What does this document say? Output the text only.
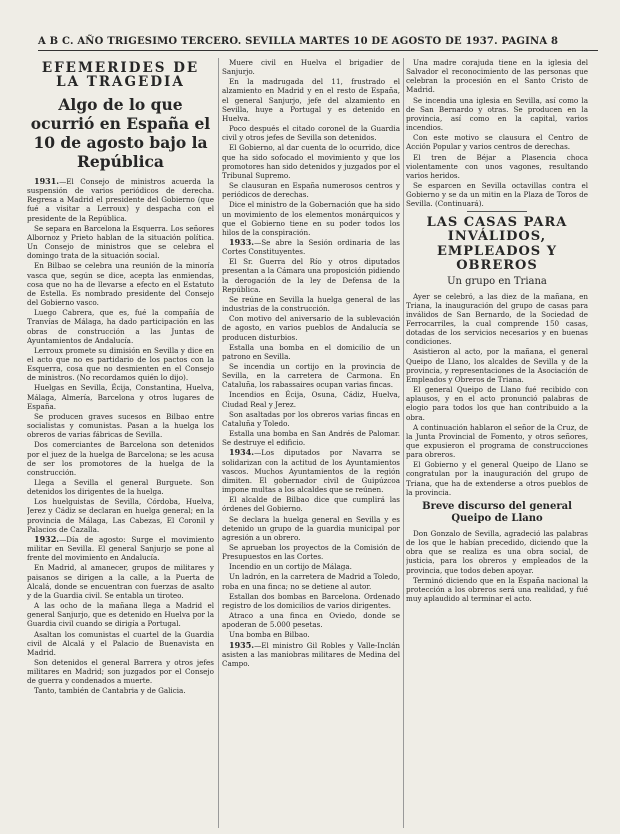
A B C. AÑO TRIGESIMO TERCERO. SEVILLA MARTES 10 DE AGOSTO DE 1937. PAGINA 8
EFEMERIDES DE
LA TRAGEDIA
Algo de lo que ocurrió en España el 10 de agosto bajo la República

1931.—El Consejo de ministros acuerda la suspensión de varios periódicos de derecha. Regresa a Madrid el presidente del Gobierno (que fué a visitar a Lerroux) y despacha con el presidente de la República.

Se separa en Barcelona la Esquerra. Los señores Albornoz y Prieto hablan de la situación política. Un Consejo de ministros que se celebra el domingo trata de la situación social.

En Bilbao se celebra una reunión de la minoría vasca que, según se dice, acepta las enmiendas, cosa que no ha de llevarse a efecto en el Estatuto de Estella. Es nombrado presidente del Consejo del Gobierno vasco.

Luego Cabrera, que es, fué la compañía de Tranvías de Málaga, ha dado participación en las obras de construcción a las Juntas de Ayuntamientos de Andalucía.

Lerroux promete su dimisión en Sevilla y dice en el acto que no es partidario de los pactos con la Esquerra, cosa que no desmienten en el Consejo de ministros. (No recordamos quién lo dijo).

Huelgas en Sevilla, Écija, Constantina, Huelva, Málaga, Almería, Barcelona y otros lugares de España.

Se producen graves sucesos en Bilbao entre socialistas y comunistas. Pasan a la huelga los obreros de varias fábricas de Sevilla.

Dos comerciantes de Barcelona son detenidos por el juez de la huelga de Barcelona; se les acusa de ser los promotores de la huelga de la construcción.

Llega a Sevilla el general Burguete. Son detenidos los dirigentes de la huelga.

Los huelguistas de Sevilla, Córdoba, Huelva, Jerez y Cádiz se declaran en huelga general; en la provincia de Málaga, Las Cabezas, El Coronil y Palacios de Cazalla.

1932.—Día de agosto: Surge el movimiento militar en Sevilla. El general Sanjurjo se pone al frente del movimiento en Andalucía.

En Madrid, al amanecer, grupos de militares y paisanos se dirigen a la calle, a la Puerta de Alcalá, donde se encuentran con fuerzas de asalto y de la Guardia civil. Se entabla un tiroteo.

A las ocho de la mañana llega a Madrid el general Sanjurjo, que es detenido en Huelva por la Guardia civil cuando se dirigía a Portugal.

Asaltan los comunistas el cuartel de la Guardia civil de Alcalá y el Palacio de Buenavista en Madrid.

Son detenidos el general Barrera y otros jefes militares en Madrid; son juzgados por el Consejo de guerra y condenados a muerte.

Tanto, también de Cantabria y de Galicia.

Muere civil en Huelva el brigadier de Sanjurjo.

En la madrugada del 11, frustrado el alzamiento en Madrid y en el resto de España, el general Sanjurjo, jefe del alzamiento en Sevilla, huye a Portugal y es detenido en Huelva.

Poco después el citado coronel de la Guardia civil y otros jefes de Sevilla son detenidos.

El Gobierno, al dar cuenta de lo ocurrido, dice que ha sido sofocado el movimiento y que los promotores han sido detenidos y juzgados por el Tribunal Supremo.

Se clausuran en España numerosos centros y periódicos de derechas.

Dice el ministro de la Gobernación que ha sido un movimiento de los elementos monárquicos y que el Gobierno tiene en su poder todos los hilos de la conspiración.

1933.—Se abre la Sesión ordinaria de las Cortes Constituyentes.

El Sr. Guerra del Río y otros diputados presentan a la Cámara una proposición pidiendo la derogación de la ley de Defensa de la República.

Se reúne en Sevilla la huelga general de las industrias de la construcción.

Con motivo del aniversario de la sublevación de agosto, en varios pueblos de Andalucía se producen disturbios.

Estalla una bomba en el domicilio de un patrono en Sevilla.

Se incendia un cortijo en la provincia de Sevilla, en la carretera de Carmona. En Cataluña, los rabassaires ocupan varias fincas.

Incendios en Écija, Osuna, Cádiz, Huelva, Ciudad Real y Jerez.

Son asaltadas por los obreros varias fincas en Cataluña y Toledo.

Estalla una bomba en San Andrés de Palomar. Se destruye el edificio.

1934.—Los diputados por Navarra se solidarizan con la actitud de los Ayuntamientos vascos. Muchos Ayuntamientos de la región dimiten. El gobernador civil de Guipúzcoa impone multas a los alcaldes que se reúnen.

El alcalde de Bilbao dice que cumplirá las órdenes del Gobierno.

Se declara la huelga general en Sevilla y es detenido un grupo de la guardia municipal por agresión a un obrero.

Se aprueban los proyectos de la Comisión de Presupuestos en las Cortes.

Incendio en un cortijo de Málaga.

Un ladrón, en la carretera de Madrid a Toledo, roba en una finca; no se detiene al autor.

Estallan dos bombas en Barcelona. Ordenado registro de los domicilios de varios dirigentes.

Atraco a una finca en Oviedo, donde se apoderan de 5.000 pesetas.

Una bomba en Bilbao.

1935.—El ministro Gil Robles y Valle-Inclán asisten a las maniobras militares de Medina del Campo.

Una madre corajuda tiene en la iglesia del Salvador el reconocimiento de las personas que celebran la procesión en el Santo Cristo de Madrid.

Se incendia una iglesia en Sevilla, así como la de San Bernardo y otras. Se producen en la provincia, así como en la capital, varios incendios.

Con este motivo se clausura el Centro de Acción Popular y varios centros de derechas.

El tren de Béjar a Plasencia choca violentamente con unos vagones, resultando varios heridos.

Se esparcen en Sevilla octavillas contra el Gobierno y se da un mitin en la Plaza de Toros de Sevilla. (Continuará).

LAS CASAS PARA INVÁLIDOS, EMPLEADOS Y OBREROS
Un grupo en Triana

Ayer se celebró, a las diez de la mañana, en Triana, la inauguración del grupo de casas para inválidos de San Bernardo, de la Sociedad de Ferrocarriles, la cual comprende 150 casas, dotadas de los servicios necesarios y en buenas condiciones.

Asistieron al acto, por la mañana, el general Queipo de Llano, los alcaldes de Sevilla y de la provincia, y representaciones de la Asociación de Empleados y Obreros de Triana.

El general Queipo de Llano fué recibido con aplausos, y en el acto pronunció palabras de elogio para todos los que han contribuido a la obra.

A continuación hablaron el señor de la Cruz, de la Junta Provincial de Fomento, y otros señores, que expusieron el programa de construcciones para obreros.

El Gobierno y el general Queipo de Llano se congratulan por la inauguración del grupo de Triana, que ha de extenderse a otros pueblos de la provincia.

Breve discurso del general Queipo de Llano

Don Gonzalo de Sevilla, agradeció las palabras de los que le habían precedido, diciendo que la obra que se realiza es una obra social, de justicia, para los obreros y empleados de la provincia, que todos deben apoyar.

Terminó diciendo que en la España nacional la protección a los obreros será una realidad, y fué muy aplaudido al terminar el acto.
